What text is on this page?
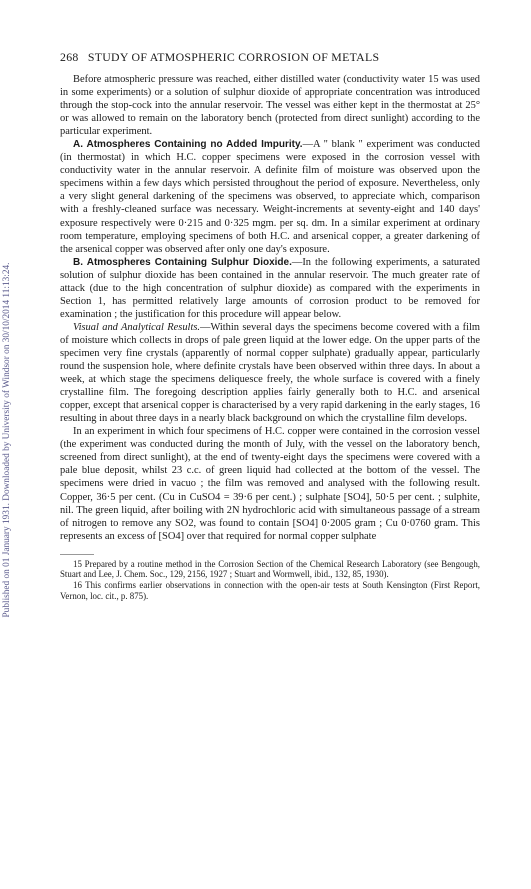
Published on 01 January 1931. Downloaded by University of Windsor on 30/10/2014 11:13:24.
268 STUDY OF ATMOSPHERIC CORROSION OF METALS

Before atmospheric pressure was reached, either distilled water (conductivity water 15 was used in some experiments) or a solution of sulphur dioxide of appropriate concentration was introduced through the stop-cock into the annular reservoir. The vessel was either kept in the thermostat at 25° or was allowed to remain on the laboratory bench (protected from direct sunlight) according to the particular experiment.

A. Atmospheres Containing no Added Impurity.—A " blank " experiment was conducted (in thermostat) in which H.C. copper specimens were exposed in the corrosion vessel with conductivity water in the annular reservoir. A definite film of moisture was observed upon the specimens within a few days which persisted throughout the period of exposure. Nevertheless, only a very slight general darkening of the specimens was observed, to appreciate which, comparison with a freshly-cleaned surface was necessary. Weight-increments at seventy-eight and 140 days' exposure respectively were 0·215 and 0·325 mgm. per sq. dm. In a similar experiment at ordinary room temperature, employing specimens of both H.C. and arsenical copper, a greater darkening of the arsenical copper was observed after only one day's exposure.

B. Atmospheres Containing Sulphur Dioxide.—In the following experiments, a saturated solution of sulphur dioxide has been contained in the annular reservoir. The much greater rate of attack (due to the high concentration of sulphur dioxide) as compared with the experiments in Section 1, has permitted relatively large amounts of corrosion product to be removed for examination ; the justification for this procedure will appear below.

Visual and Analytical Results.—Within several days the specimens become covered with a film of moisture which collects in drops of pale green liquid at the lower edge. On the upper parts of the specimen very fine crystals (apparently of normal copper sulphate) gradually appear, particularly round the suspension hole, where definite crystals have been observed within three days. In about a week, at which stage the specimens deliquesce freely, the whole surface is covered with a finely crystalline film. The foregoing description applies fairly generally both to H.C. and arsenical copper, except that arsenical copper is characterised by a very rapid darkening in the early stages, 16 resulting in about three days in a nearly black background on which the crystalline film develops.

In an experiment in which four specimens of H.C. copper were contained in the corrosion vessel (the experiment was conducted during the month of July, with the vessel on the laboratory bench, screened from direct sunlight), at the end of twenty-eight days the specimens were covered with a pale blue deposit, whilst 23 c.c. of green liquid had collected at the bottom of the vessel. The specimens were dried in vacuo ; the film was removed and analysed with the following result. Copper, 36·5 per cent. (Cu in CuSO4 = 39·6 per cent.) ; sulphate [SO4], 50·5 per cent. ; sulphite, nil. The green liquid, after boiling with 2N hydrochloric acid with simultaneous passage of a stream of nitrogen to remove any SO2, was found to contain [SO4] 0·2005 gram ; Cu 0·0760 gram. This represents an excess of [SO4] over that required for normal copper sulphate

15 Prepared by a routine method in the Corrosion Section of the Chemical Research Laboratory (see Bengough, Stuart and Lee, J. Chem. Soc., 129, 2156, 1927 ; Stuart and Wormwell, ibid., 132, 85, 1930).

16 This confirms earlier observations in connection with the open-air tests at South Kensington (First Report, Vernon, loc. cit., p. 875).
